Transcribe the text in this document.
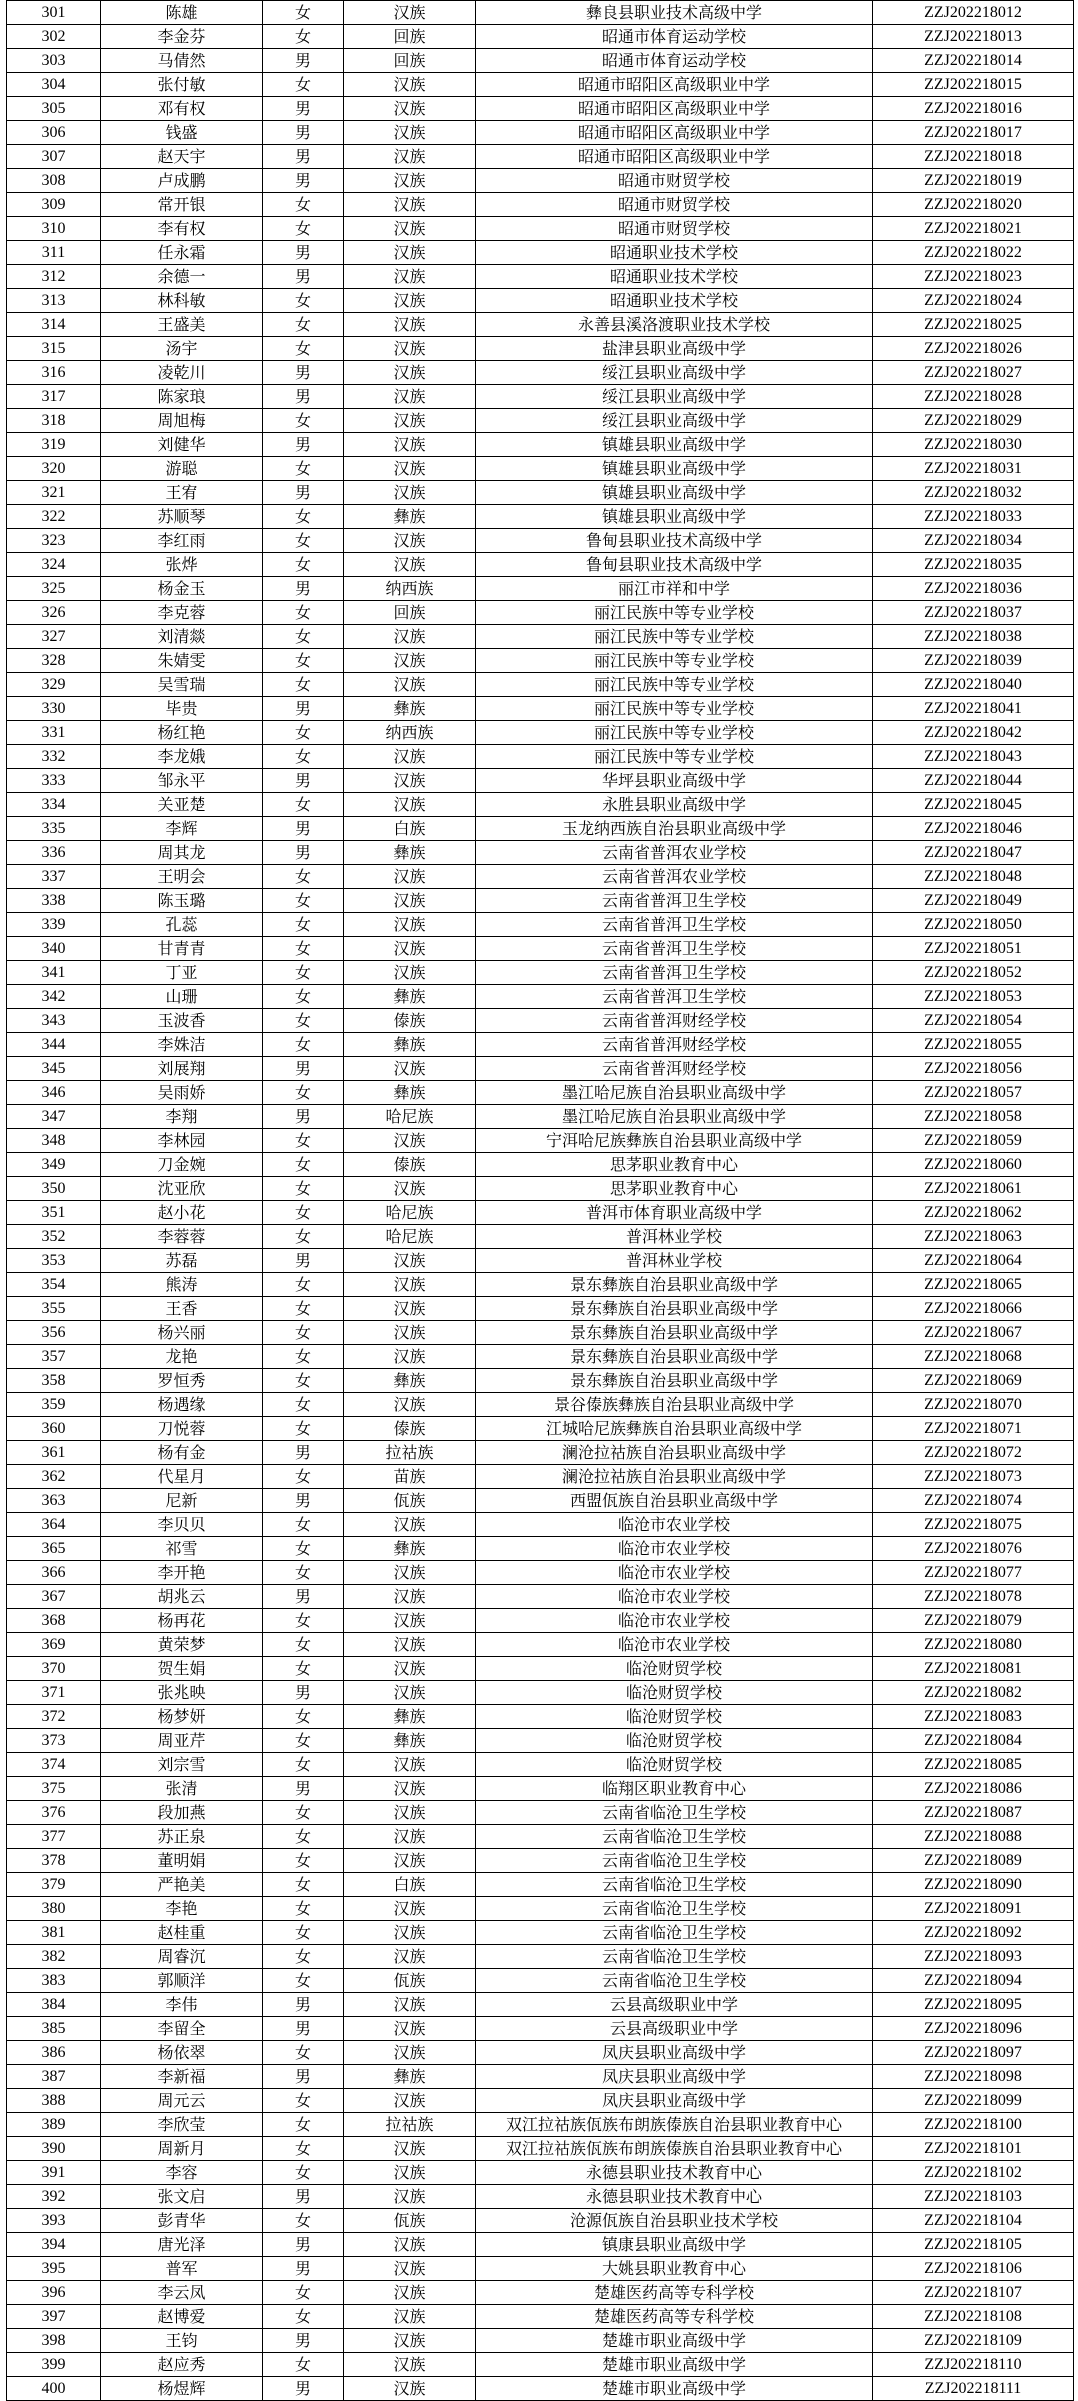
301	陈雄	女	汉族	彝良县职业技术高级中学	ZZJ202218012
302	李金芬	女	回族	昭通市体育运动学校	ZZJ202218013
303	马倩然	男	回族	昭通市体育运动学校	ZZJ202218014
304	张付敏	女	汉族	昭通市昭阳区高级职业中学	ZZJ202218015
305	邓有权	男	汉族	昭通市昭阳区高级职业中学	ZZJ202218016
306	钱盛	男	汉族	昭通市昭阳区高级职业中学	ZZJ202218017
307	赵天宇	男	汉族	昭通市昭阳区高级职业中学	ZZJ202218018
308	卢成鹏	男	汉族	昭通市财贸学校	ZZJ202218019
309	常开银	女	汉族	昭通市财贸学校	ZZJ202218020
310	李有权	女	汉族	昭通市财贸学校	ZZJ202218021
311	任永霜	男	汉族	昭通职业技术学校	ZZJ202218022
312	余德一	男	汉族	昭通职业技术学校	ZZJ202218023
313	林科敏	女	汉族	昭通职业技术学校	ZZJ202218024
314	王盛美	女	汉族	永善县溪洛渡职业技术学校	ZZJ202218025
315	汤宇	女	汉族	盐津县职业高级中学	ZZJ202218026
316	凌乾川	男	汉族	绥江县职业高级中学	ZZJ202218027
317	陈家琅	男	汉族	绥江县职业高级中学	ZZJ202218028
318	周旭梅	女	汉族	绥江县职业高级中学	ZZJ202218029
319	刘健华	男	汉族	镇雄县职业高级中学	ZZJ202218030
320	游聪	女	汉族	镇雄县职业高级中学	ZZJ202218031
321	王宥	男	汉族	镇雄县职业高级中学	ZZJ202218032
322	苏顺琴	女	彝族	镇雄县职业高级中学	ZZJ202218033
323	李红雨	女	汉族	鲁甸县职业技术高级中学	ZZJ202218034
324	张烨	女	汉族	鲁甸县职业技术高级中学	ZZJ202218035
325	杨金玉	男	纳西族	丽江市祥和中学	ZZJ202218036
326	李克蓉	女	回族	丽江民族中等专业学校	ZZJ202218037
327	刘清燚	女	汉族	丽江民族中等专业学校	ZZJ202218038
328	朱婧雯	女	汉族	丽江民族中等专业学校	ZZJ202218039
329	吴雪瑞	女	汉族	丽江民族中等专业学校	ZZJ202218040
330	毕贵	男	彝族	丽江民族中等专业学校	ZZJ202218041
331	杨红艳	女	纳西族	丽江民族中等专业学校	ZZJ202218042
332	李龙娥	女	汉族	丽江民族中等专业学校	ZZJ202218043
333	邹永平	男	汉族	华坪县职业高级中学	ZZJ202218044
334	关亚楚	女	汉族	永胜县职业高级中学	ZZJ202218045
335	李辉	男	白族	玉龙纳西族自治县职业高级中学	ZZJ202218046
336	周其龙	男	彝族	云南省普洱农业学校	ZZJ202218047
337	王明会	女	汉族	云南省普洱农业学校	ZZJ202218048
338	陈玉璐	女	汉族	云南省普洱卫生学校	ZZJ202218049
339	孔蕊	女	汉族	云南省普洱卫生学校	ZZJ202218050
340	甘青青	女	汉族	云南省普洱卫生学校	ZZJ202218051
341	丁亚	女	汉族	云南省普洱卫生学校	ZZJ202218052
342	山珊	女	彝族	云南省普洱卫生学校	ZZJ202218053
343	玉波香	女	傣族	云南省普洱财经学校	ZZJ202218054
344	李姝洁	女	彝族	云南省普洱财经学校	ZZJ202218055
345	刘展翔	男	汉族	云南省普洱财经学校	ZZJ202218056
346	吴雨娇	女	彝族	墨江哈尼族自治县职业高级中学	ZZJ202218057
347	李翔	男	哈尼族	墨江哈尼族自治县职业高级中学	ZZJ202218058
348	李林园	女	汉族	宁洱哈尼族彝族自治县职业高级中学	ZZJ202218059
349	刀金婉	女	傣族	思茅职业教育中心	ZZJ202218060
350	沈亚欣	女	汉族	思茅职业教育中心	ZZJ202218061
351	赵小花	女	哈尼族	普洱市体育职业高级中学	ZZJ202218062
352	李蓉蓉	女	哈尼族	普洱林业学校	ZZJ202218063
353	苏磊	男	汉族	普洱林业学校	ZZJ202218064
354	熊涛	女	汉族	景东彝族自治县职业高级中学	ZZJ202218065
355	王香	女	汉族	景东彝族自治县职业高级中学	ZZJ202218066
356	杨兴丽	女	汉族	景东彝族自治县职业高级中学	ZZJ202218067
357	龙艳	女	汉族	景东彝族自治县职业高级中学	ZZJ202218068
358	罗恒秀	女	彝族	景东彝族自治县职业高级中学	ZZJ202218069
359	杨遇缘	女	汉族	景谷傣族彝族自治县职业高级中学	ZZJ202218070
360	刀悦蓉	女	傣族	江城哈尼族彝族自治县职业高级中学	ZZJ202218071
361	杨有金	男	拉祜族	澜沧拉祜族自治县职业高级中学	ZZJ202218072
362	代星月	女	苗族	澜沧拉祜族自治县职业高级中学	ZZJ202218073
363	尼新	男	佤族	西盟佤族自治县职业高级中学	ZZJ202218074
364	李贝贝	女	汉族	临沧市农业学校	ZZJ202218075
365	祁雪	女	彝族	临沧市农业学校	ZZJ202218076
366	李开艳	女	汉族	临沧市农业学校	ZZJ202218077
367	胡兆云	男	汉族	临沧市农业学校	ZZJ202218078
368	杨再花	女	汉族	临沧市农业学校	ZZJ202218079
369	黄荣梦	女	汉族	临沧市农业学校	ZZJ202218080
370	贺生娟	女	汉族	临沧财贸学校	ZZJ202218081
371	张兆映	男	汉族	临沧财贸学校	ZZJ202218082
372	杨梦妍	女	彝族	临沧财贸学校	ZZJ202218083
373	周亚芹	女	彝族	临沧财贸学校	ZZJ202218084
374	刘宗雪	女	汉族	临沧财贸学校	ZZJ202218085
375	张清	男	汉族	临翔区职业教育中心	ZZJ202218086
376	段加燕	女	汉族	云南省临沧卫生学校	ZZJ202218087
377	苏正泉	女	汉族	云南省临沧卫生学校	ZZJ202218088
378	董明娟	女	汉族	云南省临沧卫生学校	ZZJ202218089
379	严艳美	女	白族	云南省临沧卫生学校	ZZJ202218090
380	李艳	女	汉族	云南省临沧卫生学校	ZZJ202218091
381	赵桂重	女	汉族	云南省临沧卫生学校	ZZJ202218092
382	周睿沉	女	汉族	云南省临沧卫生学校	ZZJ202218093
383	郭顺洋	女	佤族	云南省临沧卫生学校	ZZJ202218094
384	李伟	男	汉族	云县高级职业中学	ZZJ202218095
385	李留全	男	汉族	云县高级职业中学	ZZJ202218096
386	杨依翠	女	汉族	凤庆县职业高级中学	ZZJ202218097
387	李新福	男	彝族	凤庆县职业高级中学	ZZJ202218098
388	周元云	女	汉族	凤庆县职业高级中学	ZZJ202218099
389	李欣莹	女	拉祜族	双江拉祜族佤族布朗族傣族自治县职业教育中心	ZZJ202218100
390	周新月	女	汉族	双江拉祜族佤族布朗族傣族自治县职业教育中心	ZZJ202218101
391	李容	女	汉族	永德县职业技术教育中心	ZZJ202218102
392	张文启	男	汉族	永德县职业技术教育中心	ZZJ202218103
393	彭青华	女	佤族	沧源佤族自治县职业技术学校	ZZJ202218104
394	唐光泽	男	汉族	镇康县职业高级中学	ZZJ202218105
395	普军	男	汉族	大姚县职业教育中心	ZZJ202218106
396	李云凤	女	汉族	楚雄医药高等专科学校	ZZJ202218107
397	赵博爱	女	汉族	楚雄医药高等专科学校	ZZJ202218108
398	王钧	男	汉族	楚雄市职业高级中学	ZZJ202218109
399	赵应秀	女	汉族	楚雄市职业高级中学	ZZJ202218110
400	杨煜辉	男	汉族	楚雄市职业高级中学	ZZJ202218111
